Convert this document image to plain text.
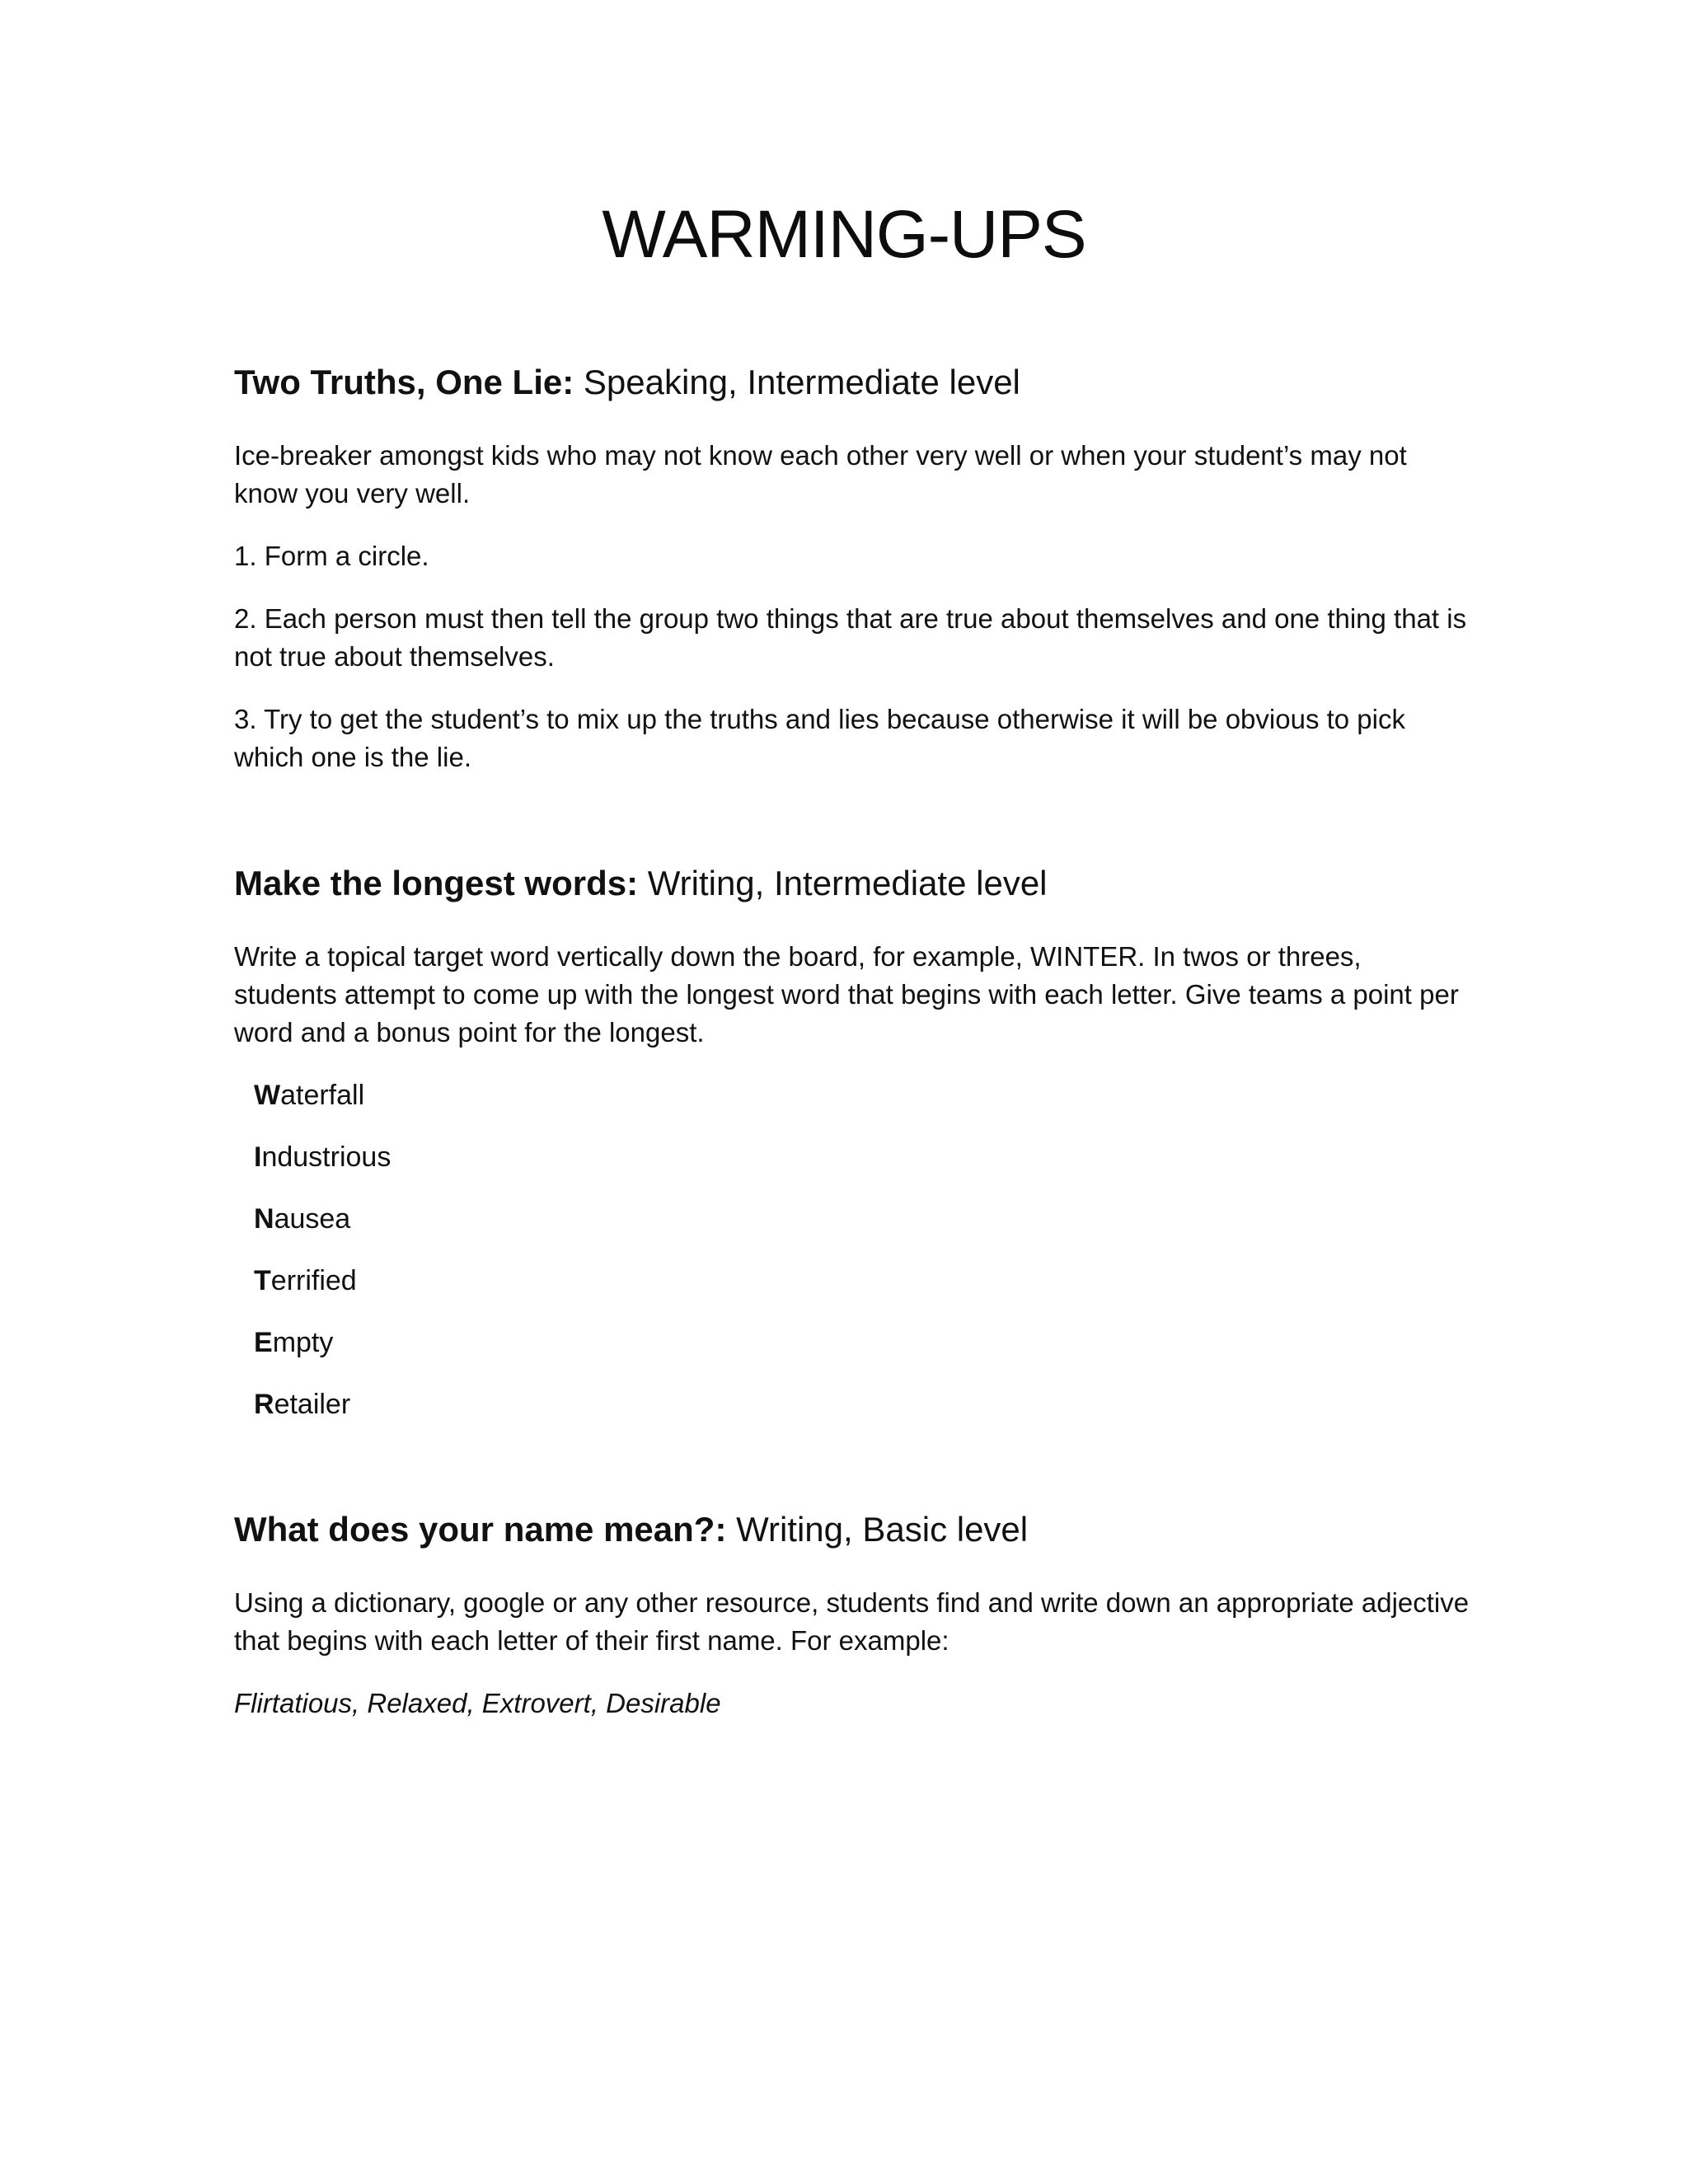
WARMING-UPS

Two Truths, One Lie: Speaking, Intermediate level

Ice-breaker amongst kids who may not know each other very well or when your student’s may not know you very well.

1. Form a circle.

2. Each person must then tell the group two things that are true about themselves and one thing that is not true about themselves.

3. Try to get the student’s to mix up the truths and lies because otherwise it will be obvious to pick which one is the lie.

Make the longest words: Writing, Intermediate level

Write a topical target word vertically down the board, for example, WINTER. In twos or threes, students attempt to come up with the longest word that begins with each letter. Give teams a point per word and a bonus point for the longest.

Waterfall

Industrious

Nausea

Terrified

Empty

Retailer

What does your name mean?: Writing, Basic level

Using a dictionary, google or any other resource, students find and write down an appropriate adjective that begins with each letter of their first name. For example:

Flirtatious, Relaxed, Extrovert, Desirable
